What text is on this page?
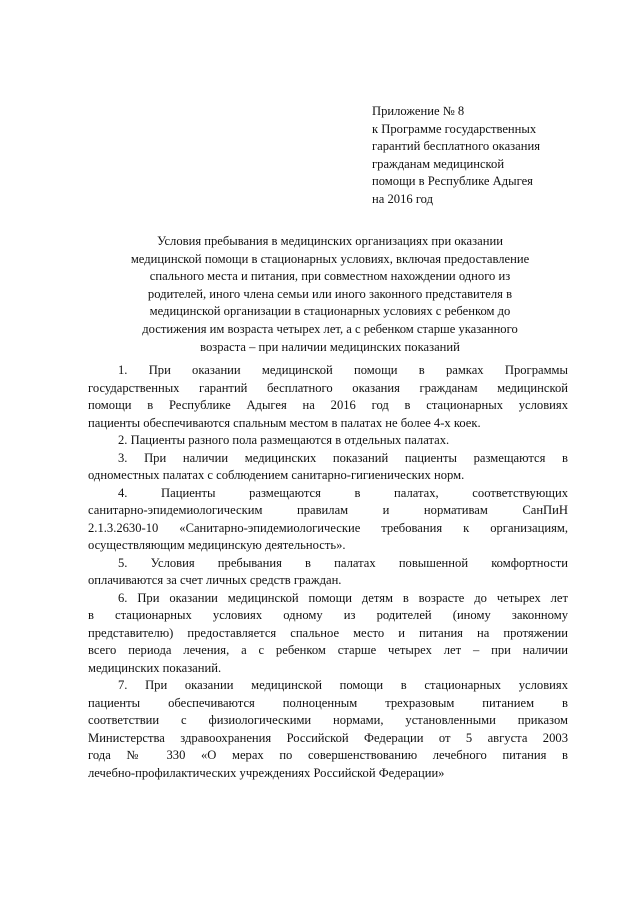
Приложение № 8
к Программе государственных
гарантий бесплатного оказания
гражданам медицинской
помощи в Республике Адыгея
на 2016 год
Условия пребывания в медицинских организациях при оказании
медицинской помощи в стационарных условиях, включая предоставление
спального места и питания, при совместном нахождении одного из
родителей, иного члена семьи или иного законного представителя в
медицинской организации в стационарных условиях с ребенком до
достижения им возраста четырех лет, а с ребенком старше указанного
возраста – при наличии медицинских показаний
1. При оказании медицинской помощи в рамках Программы
государственных гарантий бесплатного оказания гражданам медицинской
помощи в Республике Адыгея на 2016 год в стационарных условиях
пациенты обеспечиваются спальным местом в палатах не более 4-х коек.
2. Пациенты разного пола размещаются в отдельных палатах.
3. При наличии медицинских показаний пациенты размещаются в
одноместных палатах с соблюдением санитарно-гигиенических норм.
4. Пациенты размещаются в палатах, соответствующих
санитарно-эпидемиологическим правилам и нормативам СанПиН
2.1.3.2630-10 «Санитарно-эпидемиологические требования к организациям,
осуществляющим медицинскую деятельность».
5. Условия пребывания в палатах повышенной комфортности
оплачиваются за счет личных средств граждан.
6. При оказании медицинской помощи детям в возрасте до четырех лет
в стационарных условиях одному из родителей (иному законному
представителю) предоставляется спальное место и питания на протяжении
всего периода лечения, а с ребенком старше четырех лет – при наличии
медицинских показаний.
7. При оказании медицинской помощи в стационарных условиях
пациенты обеспечиваются полноценным трехразовым питанием в
соответствии с физиологическими нормами, установленными приказом
Министерства здравоохранения Российской Федерации от 5 августа 2003
года № 330 «О мерах по совершенствованию лечебного питания в
лечебно-профилактических учреждениях Российской Федерации»
